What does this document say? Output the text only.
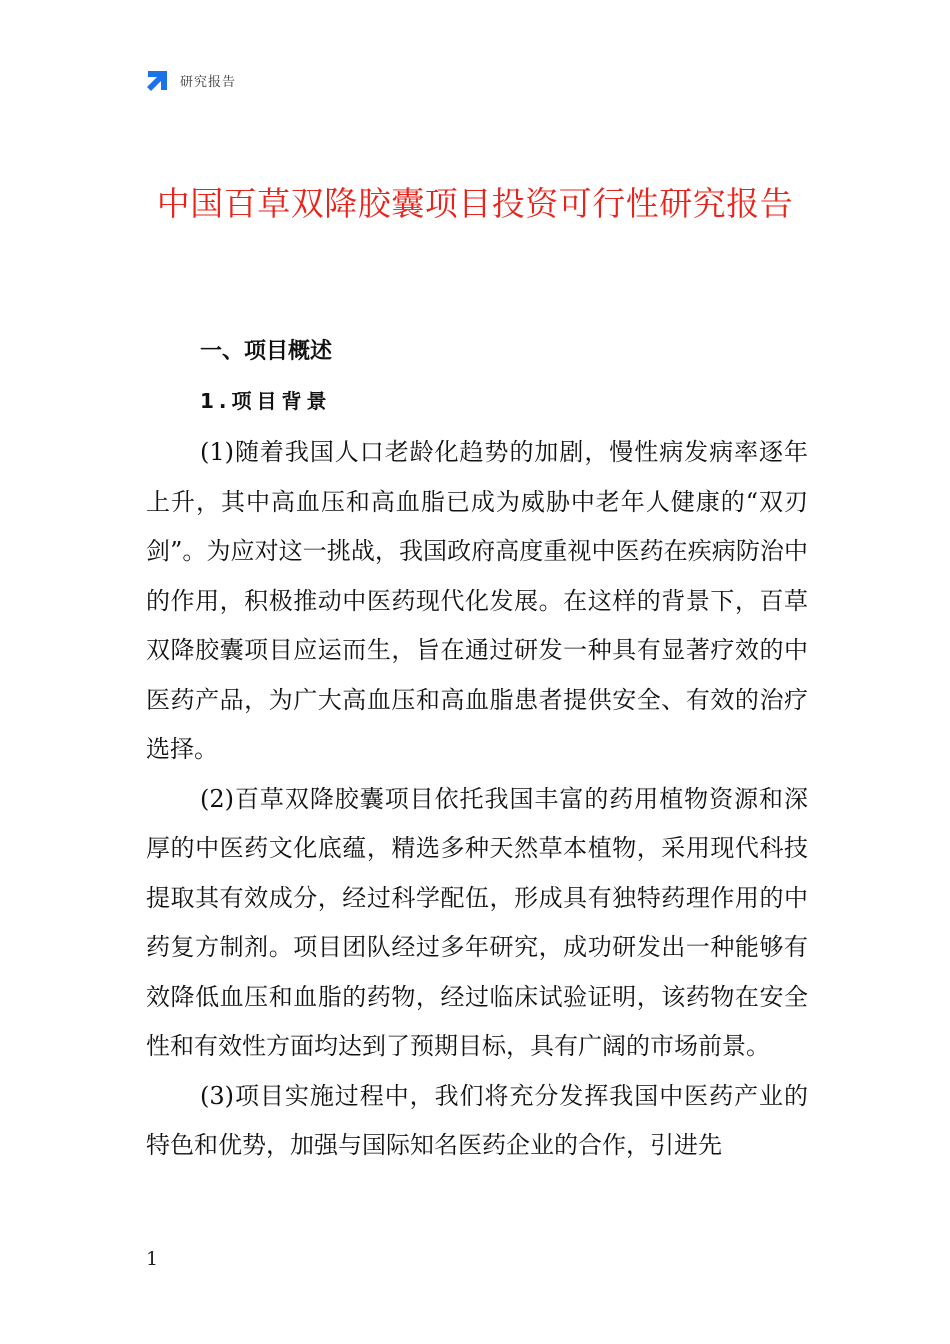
研究报告
中国百草双降胶囊项目投资可行性研究报告
一、项目概述
1.项目背景

(1)随着我国人口老龄化趋势的加剧，慢性病发病率逐年上升，其中高血压和高血脂已成为威胁中老年人健康的“双刃剑”。为应对这一挑战，我国政府高度重视中医药在疾病防治中的作用，积极推动中医药现代化发展。在这样的背景下，百草双降胶囊项目应运而生，旨在通过研发一种具有显著疗效的中医药产品，为广大高血压和高血脂患者提供安全、有效的治疗选择。

(2)百草双降胶囊项目依托我国丰富的药用植物资源和深厚的中医药文化底蕴，精选多种天然草本植物，采用现代科技提取其有效成分，经过科学配伍，形成具有独特药理作用的中药复方制剂。项目团队经过多年研究，成功研发出一种能够有效降低血压和血脂的药物，经过临床试验证明，该药物在安全性和有效性方面均达到了预期目标，具有广阔的市场前景。

(3)项目实施过程中，我们将充分发挥我国中医药产业的特色和优势，加强与国际知名医药企业的合作，引进先

1
